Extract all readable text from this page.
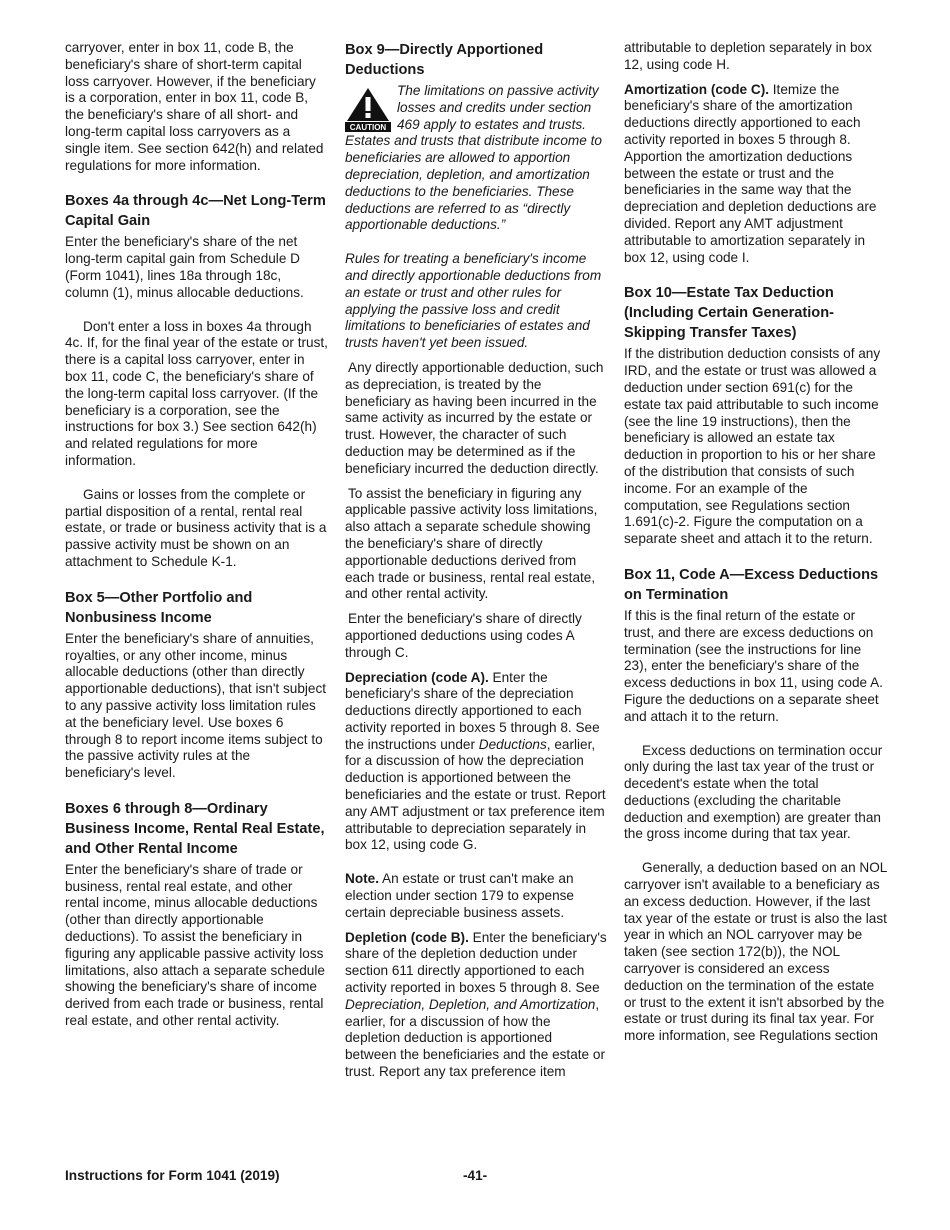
carryover, enter in box 11, code B, the beneficiary's share of short-term capital loss carryover. However, if the beneficiary is a corporation, enter in box 11, code B, the beneficiary's share of all short- and long-term capital loss carryovers as a single item. See section 642(h) and related regulations for more information.

Boxes 4a through 4c—Net Long-Term Capital Gain

Enter the beneficiary's share of the net long-term capital gain from Schedule D (Form 1041), lines 18a through 18c, column (1), minus allocable deductions.

Don't enter a loss in boxes 4a through 4c. If, for the final year of the estate or trust, there is a capital loss carryover, enter in box 11, code C, the beneficiary's share of the long-term capital loss carryover. (If the beneficiary is a corporation, see the instructions for box 3.) See section 642(h) and related regulations for more information.

Gains or losses from the complete or partial disposition of a rental, rental real estate, or trade or business activity that is a passive activity must be shown on an attachment to Schedule K-1.

Box 5—Other Portfolio and Nonbusiness Income

Enter the beneficiary's share of annuities, royalties, or any other income, minus allocable deductions (other than directly apportionable deductions), that isn't subject to any passive activity loss limitation rules at the beneficiary level. Use boxes 6 through 8 to report income items subject to the passive activity rules at the beneficiary's level.

Boxes 6 through 8—Ordinary Business Income, Rental Real Estate, and Other Rental Income

Enter the beneficiary's share of trade or business, rental real estate, and other rental income, minus allocable deductions (other than directly apportionable deductions). To assist the beneficiary in figuring any applicable passive activity loss limitations, also attach a separate schedule showing the beneficiary's share of income derived from each trade or business, rental real estate, and other rental activity.

Box 9—Directly Apportioned Deductions
CAUTION

The limitations on passive activity losses and credits under section 469 apply to estates and trusts. Estates and trusts that distribute income to beneficiaries are allowed to apportion depreciation, depletion, and amortization deductions to the beneficiaries. These deductions are referred to as “directly apportionable deductions.”

Rules for treating a beneficiary's income and directly apportionable deductions from an estate or trust and other rules for applying the passive loss and credit limitations to beneficiaries of estates and trusts haven't yet been issued.

Any directly apportionable deduction, such as depreciation, is treated by the beneficiary as having been incurred in the same activity as incurred by the estate or trust. However, the character of such deduction may be determined as if the beneficiary incurred the deduction directly.

To assist the beneficiary in figuring any applicable passive activity loss limitations, also attach a separate schedule showing the beneficiary's share of directly apportionable deductions derived from each trade or business, rental real estate, and other rental activity.

Enter the beneficiary's share of directly apportioned deductions using codes A through C.

Depreciation (code A). Enter the beneficiary's share of the depreciation deductions directly apportioned to each activity reported in boxes 5 through 8. See the instructions under Deductions, earlier, for a discussion of how the depreciation deduction is apportioned between the beneficiaries and the estate or trust. Report any AMT adjustment or tax preference item attributable to depreciation separately in box 12, using code G.

Note. An estate or trust can't make an election under section 179 to expense certain depreciable business assets.

Depletion (code B). Enter the beneficiary's share of the depletion deduction under section 611 directly apportioned to each activity reported in boxes 5 through 8. See Depreciation, Depletion, and Amortization, earlier, for a discussion of how the depletion deduction is apportioned between the beneficiaries and the estate or trust. Report any tax preference item

attributable to depletion separately in box 12, using code H.

Amortization (code C). Itemize the beneficiary's share of the amortization deductions directly apportioned to each activity reported in boxes 5 through 8. Apportion the amortization deductions between the estate or trust and the beneficiaries in the same way that the depreciation and depletion deductions are divided. Report any AMT adjustment attributable to amortization separately in box 12, using code I.

Box 10—Estate Tax Deduction (Including Certain Generation-Skipping Transfer Taxes)

If the distribution deduction consists of any IRD, and the estate or trust was allowed a deduction under section 691(c) for the estate tax paid attributable to such income (see the line 19 instructions), then the beneficiary is allowed an estate tax deduction in proportion to his or her share of the distribution that consists of such income. For an example of the computation, see Regulations section 1.691(c)-2. Figure the computation on a separate sheet and attach it to the return.

Box 11, Code A—Excess Deductions on Termination

If this is the final return of the estate or trust, and there are excess deductions on termination (see the instructions for line 23), enter the beneficiary's share of the excess deductions in box 11, using code A. Figure the deductions on a separate sheet and attach it to the return.

Excess deductions on termination occur only during the last tax year of the trust or decedent's estate when the total deductions (excluding the charitable deduction and exemption) are greater than the gross income during that tax year.

Generally, a deduction based on an NOL carryover isn't available to a beneficiary as an excess deduction. However, if the last tax year of the estate or trust is also the last year in which an NOL carryover may be taken (see section 172(b)), the NOL carryover is considered an excess deduction on the termination of the estate or trust to the extent it isn't absorbed by the estate or trust during its final tax year. For more information, see Regulations section

Instructions for Form 1041 (2019)	-41-
